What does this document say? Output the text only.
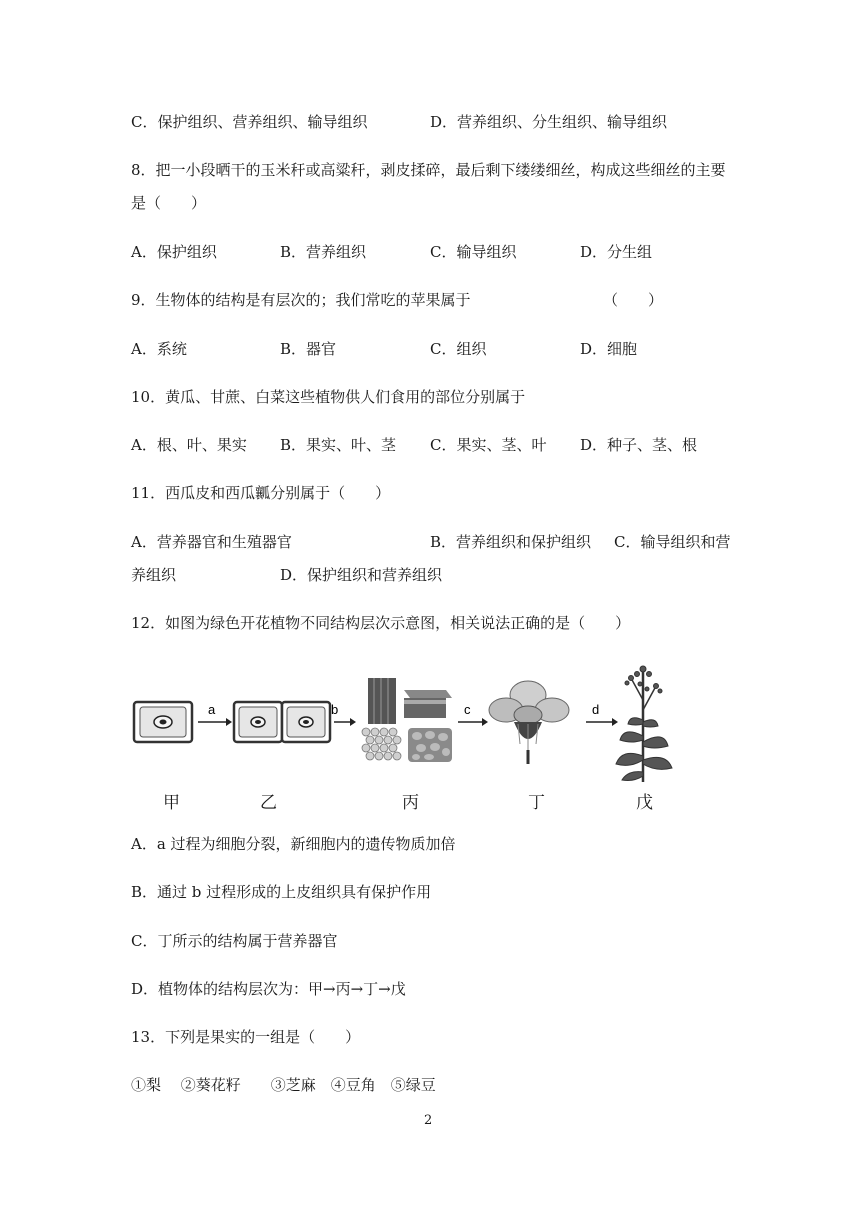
C．保护组织、营养组织、输导组织	D．营养组织、分生组织、输导组织
8．把一小段晒干的玉米秆或高粱秆，剥皮揉碎，最后剩下缕缕细丝，构成这些细丝的主要
是（　　）
A．保护组织	B．营养组织	C．输导组织	D．分生组
9．生物体的结构是有层次的；我们常吃的苹果属于	（　　）
A．系统	B．器官	C．组织	D．细胞
10．黄瓜、甘蔗、白菜这些植物供人们食用的部位分别属于
A．根、叶、果实 B．果实、叶、茎 C．果实、茎、叶 D．种子、茎、根
11．西瓜皮和西瓜瓤分别属于（　　）
A．营养器官和生殖器官	B．营养组织和保护组织 C．输导组织和营
养组织	D．保护组织和营养组织
12．如图为绿色开花植物不同结构层次示意图，相关说法正确的是（　　）
a	b	c	d
甲	乙	丙	丁	戊
A．a 过程为细胞分裂，新细胞内的遗传物质加倍
B．通过 b 过程形成的上皮组织具有保护作用
C．丁所示的结构属于营养器官
D．植物体的结构层次为：甲→丙→丁→戊
13．下列是果实的一组是（　　）
①梨　 ②葵花籽　　③芝麻　④豆角　⑤绿豆
2
